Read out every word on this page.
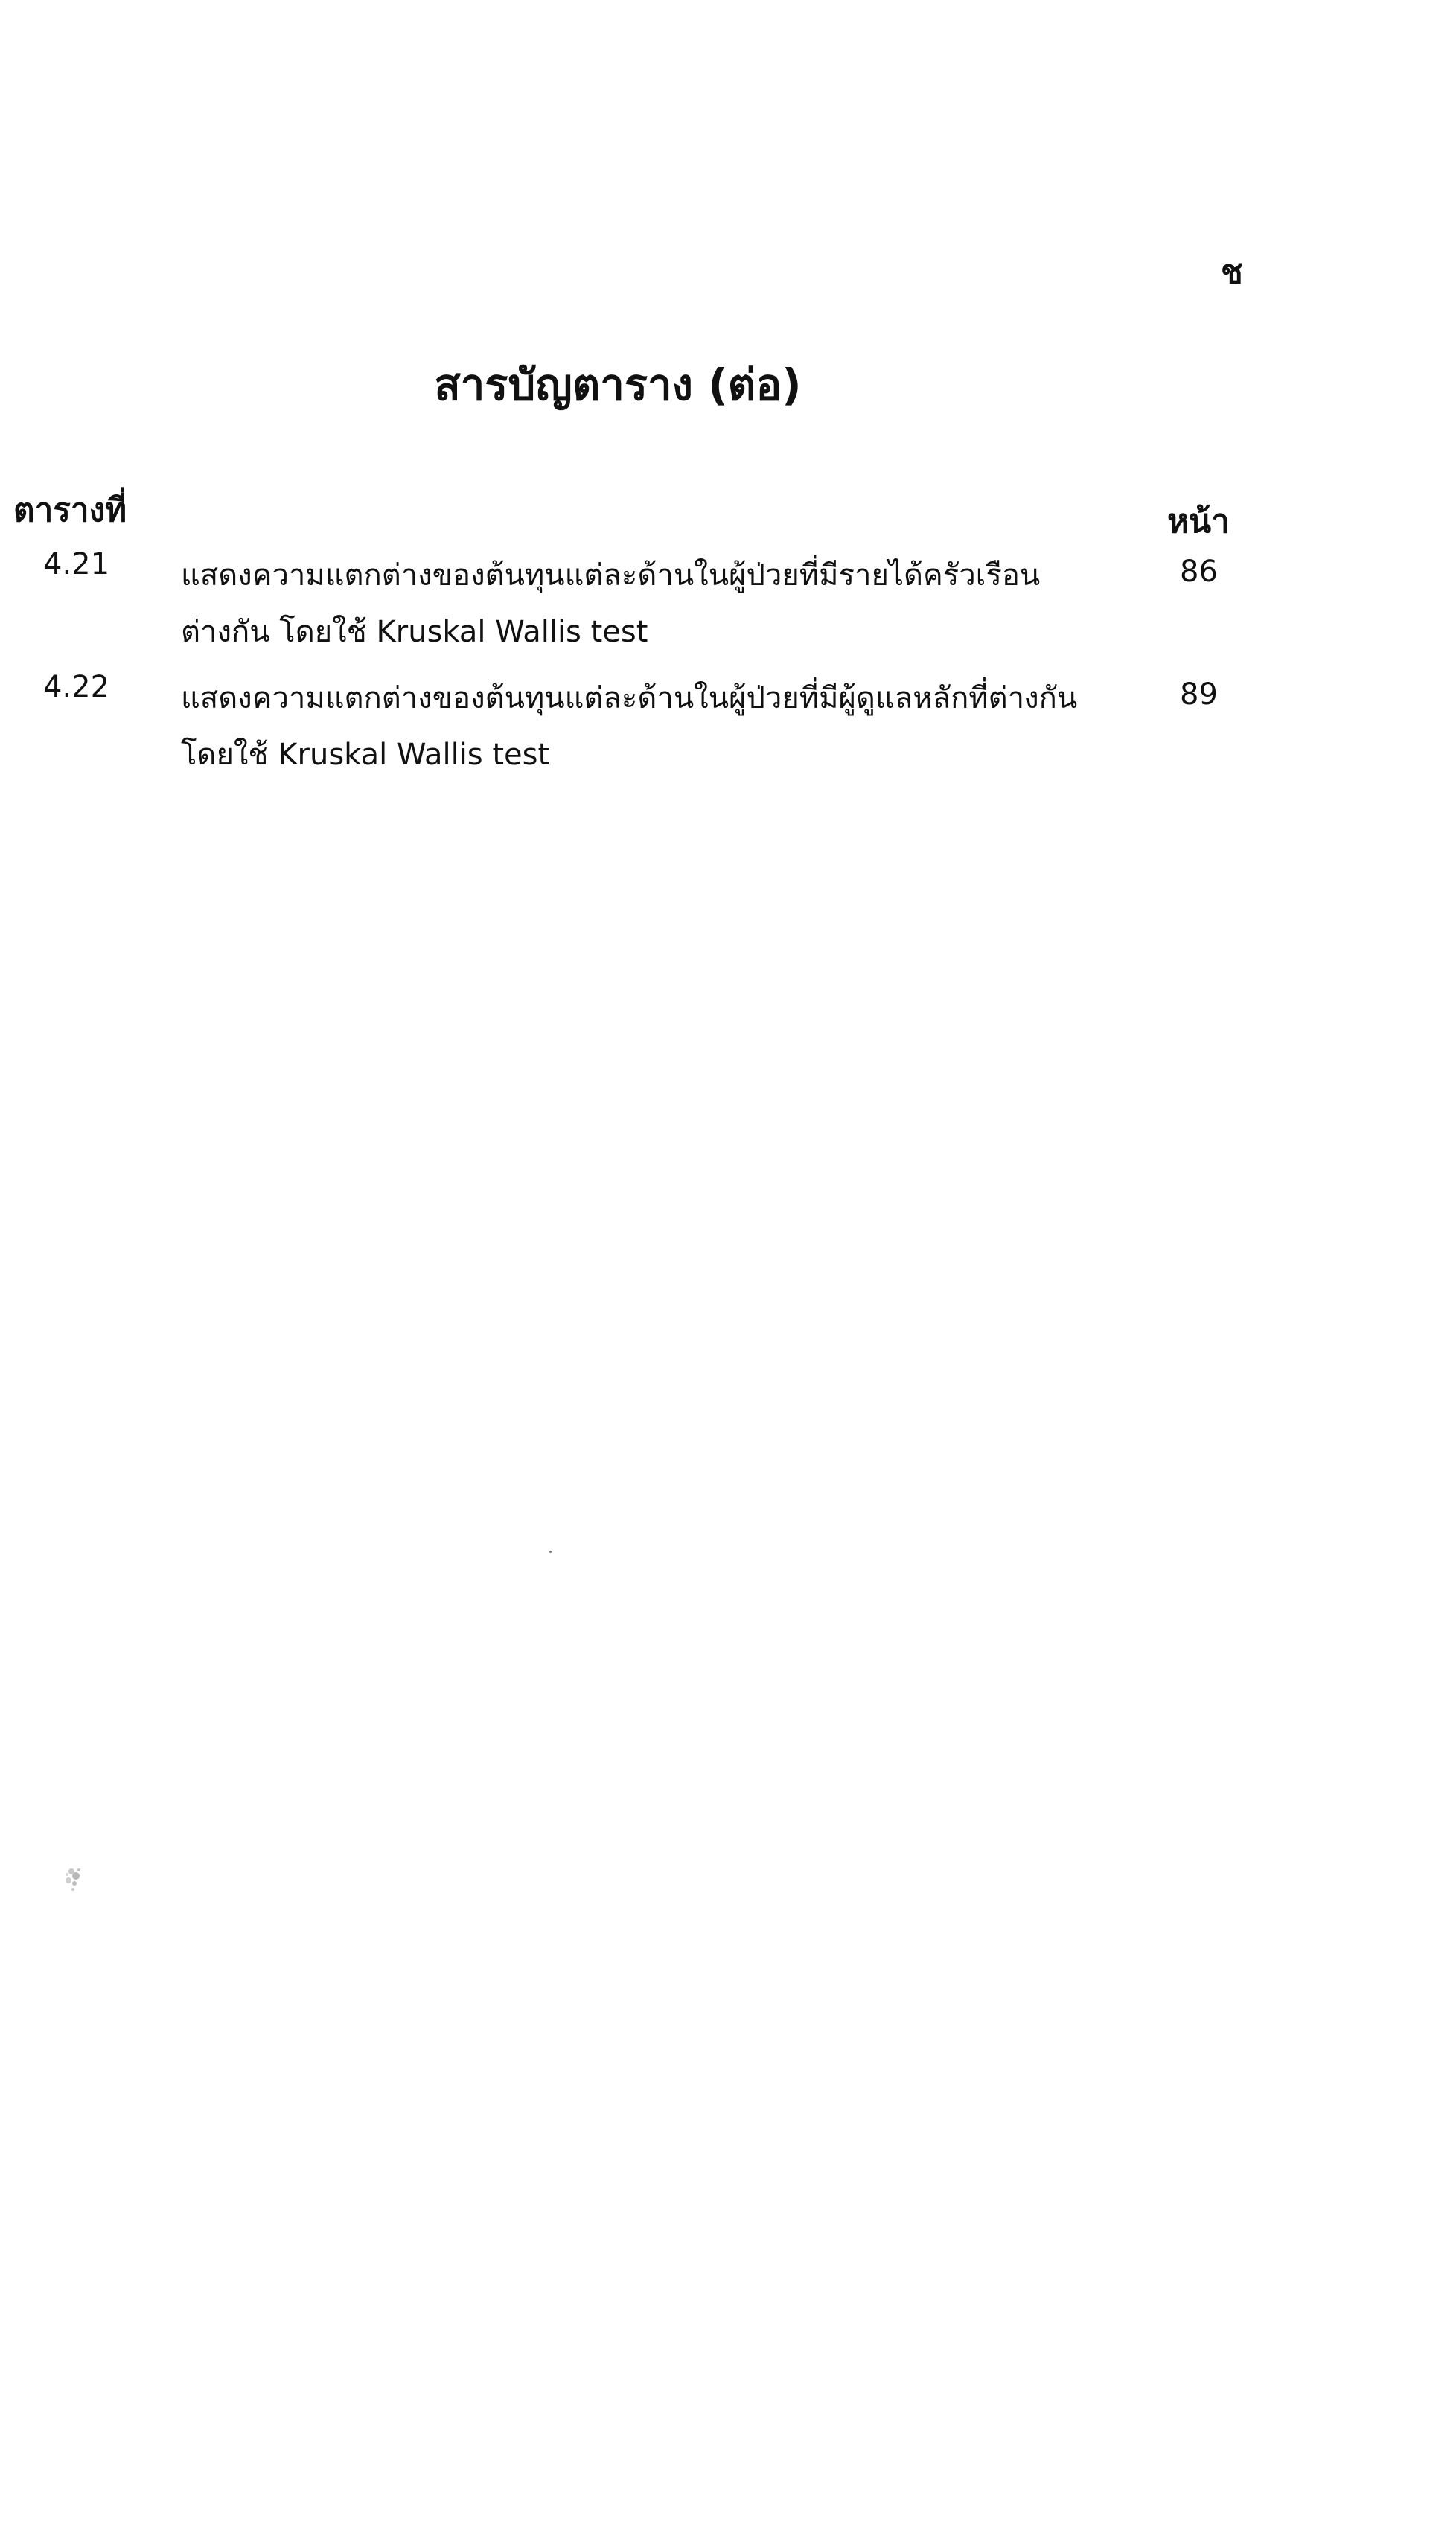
ช
สารบัญตาราง (ต่อ)
ตารางที่	หน้า
4.21 แสดงความแตกต่างของต้นทุนแต่ละด้านในผู้ป่วยที่มีรายได้ครัวเรือน
ต่างกัน โดยใช้ Kruskal Wallis test
86
4.22 แสดงความแตกต่างของต้นทุนแต่ละด้านในผู้ป่วยที่มีผู้ดูแลหลักที่ต่างกัน
โดยใช้ Kruskal Wallis test
89
